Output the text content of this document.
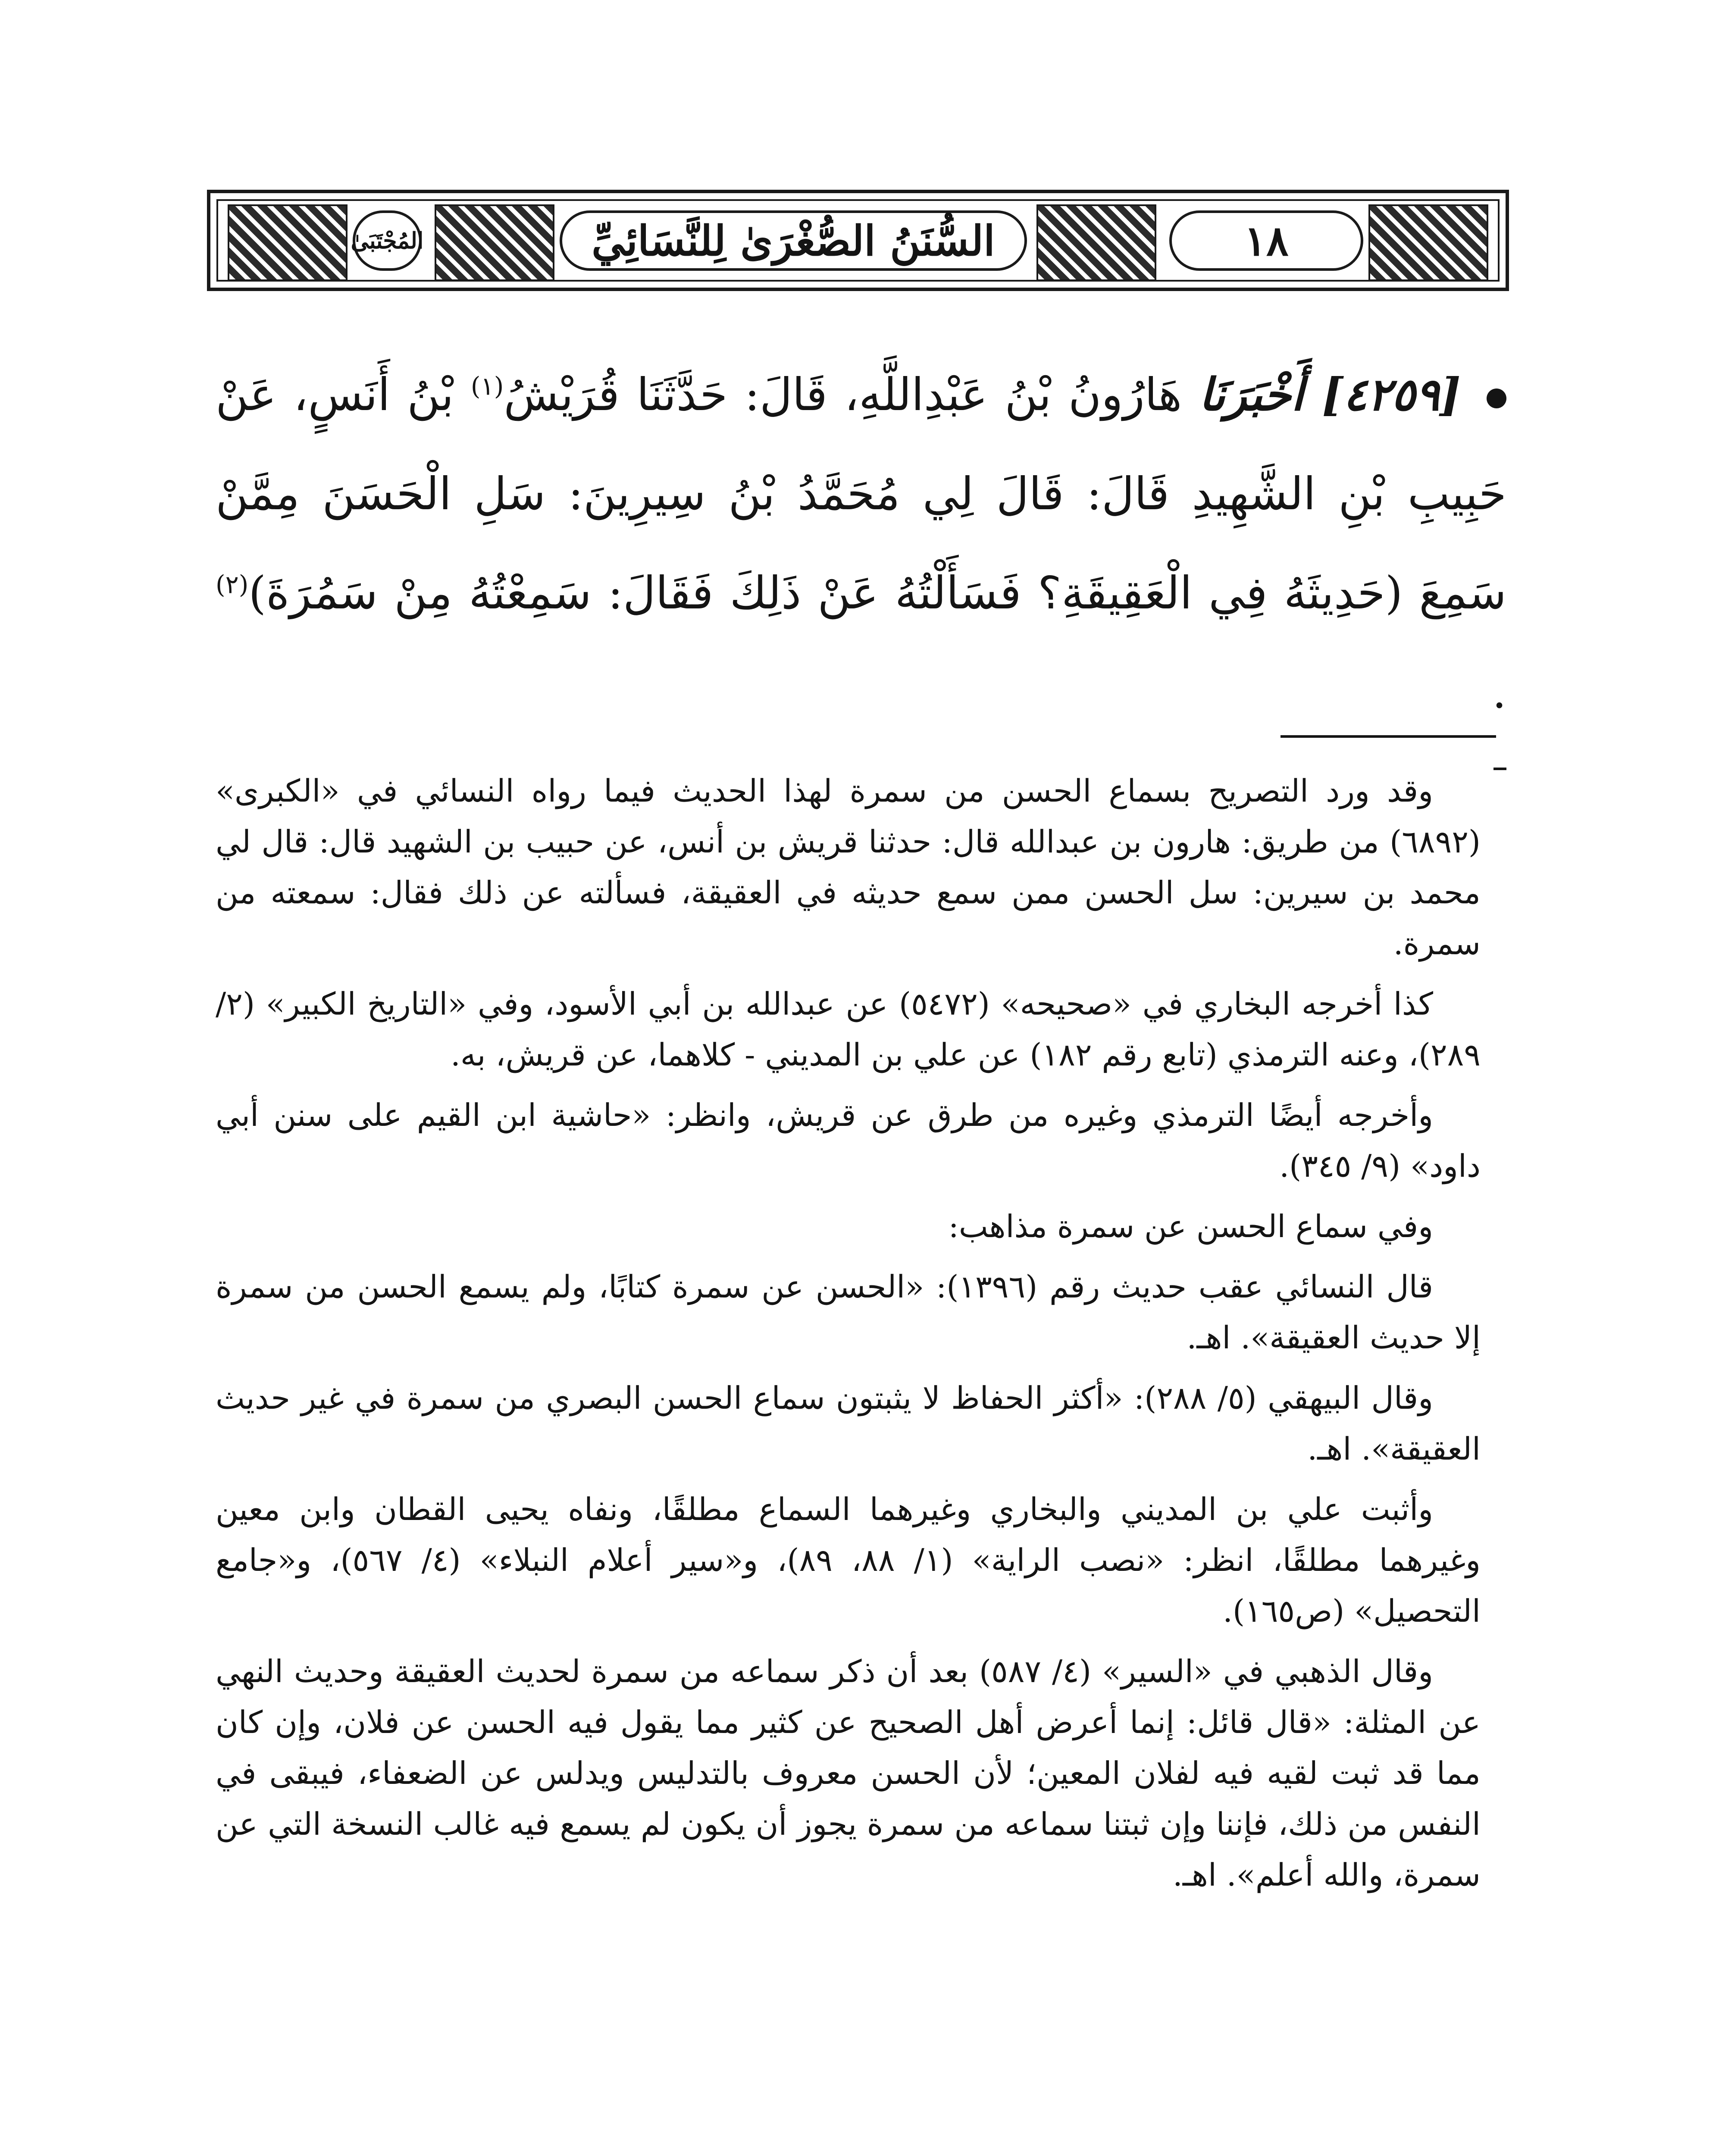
١٨
السُّنَنُ الصُّغْرَىٰ لِلنَّسَائِيِّ
المُجْتَبَىٰ
[٤٢٥٩] أَخْبَرَنَا هَارُونُ بْنُ عَبْدِاللَّهِ، قَالَ: حَدَّثَنَا قُرَيْشُ$^{(١)}$ بْنُ أَنَسٍ، عَنْ حَبِيبِ بْنِ الشَّهِيدِ قَالَ: قَالَ لِي مُحَمَّدُ بْنُ سِيرِينَ: سَلِ الْحَسَنَ مِمَّنْ سَمِعَ (حَدِيثَهُ فِي الْعَقِيقَةِ؟ فَسَأَلْتُهُ عَنْ ذَلِكَ فَقَالَ: سَمِعْتُهُ مِنْ سَمُرَةَ)$^{(٢)}$ .

وقد ورد التصريح بسماع الحسن من سمرة لهذا الحديث فيما رواه النسائي في «الكبرى» (٦٨٩٢) من طريق: هارون بن عبدالله قال: حدثنا قريش بن أنس، عن حبيب بن الشهيد قال: قال لي محمد بن سيرين: سل الحسن ممن سمع حديثه في العقيقة، فسألته عن ذلك فقال: سمعته من سمرة.

كذا أخرجه البخاري في «صحيحه» (٥٤٧٢) عن عبدالله بن أبي الأسود، وفي «التاريخ الكبير» (٢/ ٢٨٩)، وعنه الترمذي (تابع رقم ١٨٢) عن علي بن المديني - كلاهما، عن قريش، به.

وأخرجه أيضًا الترمذي وغيره من طرق عن قريش، وانظر: «حاشية ابن القيم على سنن أبي داود» (٩/ ٣٤٥).

وفي سماع الحسن عن سمرة مذاهب:

قال النسائي عقب حديث رقم (١٣٩٦): «الحسن عن سمرة كتابًا، ولم يسمع الحسن من سمرة إلا حديث العقيقة». اهـ.

وقال البيهقي (٥/ ٢٨٨): «أكثر الحفاظ لا يثبتون سماع الحسن البصري من سمرة في غير حديث العقيقة». اهـ.

وأثبت علي بن المديني والبخاري وغيرهما السماع مطلقًا، ونفاه يحيى القطان وابن معين وغيرهما مطلقًا، انظر: «نصب الراية» (١/ ٨٨، ٨٩)، و«سير أعلام النبلاء» (٤/ ٥٦٧)، و«جامع التحصيل» (ص١٦٥).

وقال الذهبي في «السير» (٤/ ٥٨٧) بعد أن ذكر سماعه من سمرة لحديث العقيقة وحديث النهي عن المثلة: «قال قائل: إنما أعرض أهل الصحيح عن كثير مما يقول فيه الحسن عن فلان، وإن كان مما قد ثبت لقيه فيه لفلان المعين؛ لأن الحسن معروف بالتدليس ويدلس عن الضعفاء، فيبقى في النفس من ذلك، فإننا وإن ثبتنا سماعه من سمرة يجوز أن يكون لم يسمع فيه غالب النسخة التي عن سمرة، والله أعلم». اهـ.
